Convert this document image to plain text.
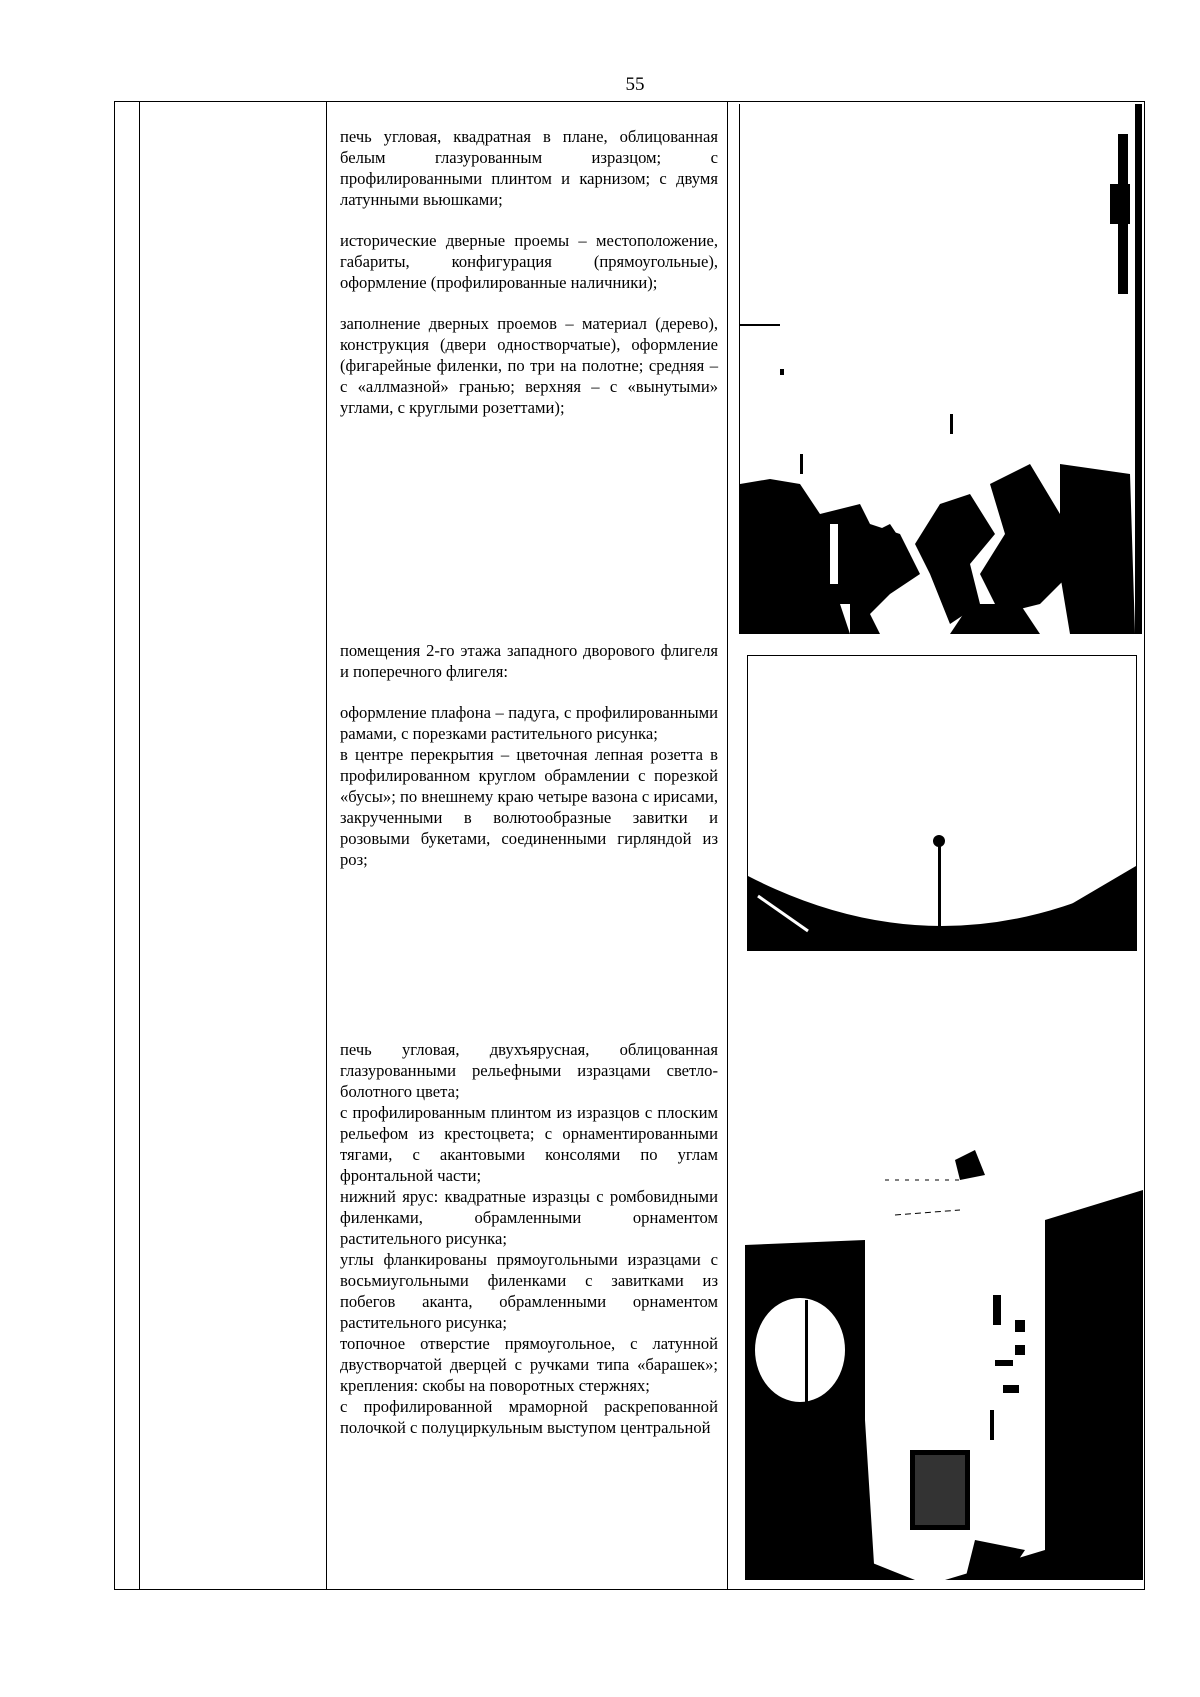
55

печь угловая, квадратная в плане, облицованная белым глазурованным изразцом; с профилированными плинтом и карнизом; с двумя латунными вьюшками;

исторические дверные проемы – местоположение, габариты, конфигурация (прямоугольные), оформление (профилированные наличники);

заполнение дверных проемов – материал (дерево), конструкция (двери одностворчатые), оформление (фигарейные филенки, по три на полотне; средняя – с «аллмазной» гранью; верхняя – с «вынутыми» углами, с круглыми розеттами);

помещения 2-го этажа западного дворового флигеля и поперечного флигеля:

оформление плафона – падуга, с профилированными рамами, с порезками растительного рисунка;

в центре перекрытия – цветочная лепная розетта в профилированном круглом обрамлении с порезкой «бусы»; по внешнему краю четыре вазона с ирисами, закрученными в волютообразные завитки и розовыми букетами, соединенными гирляндой из роз;

печь угловая, двухъярусная, облицованная глазурованными рельефными изразцами светло-болотного цвета;

с профилированным плинтом из изразцов с плоским рельефом из крестоцвета; с орнаментированными тягами, с акантовыми консолями по углам фронтальной части;

нижний ярус: квадратные изразцы с ромбовидными

филенками, обрамленными орнаментом растительного рисунка;

углы фланкированы прямоугольными изразцами с восьмиугольными филенками с завитками из побегов аканта, обрамленными орнаментом растительного рисунка;

топочное отверстие прямоугольное, с латунной двустворчатой дверцей с ручками типа «барашек»; крепления: скобы на поворотных стержнях;

с профилированной мраморной раскрепованной полочкой с полуциркульным выступом центральной
